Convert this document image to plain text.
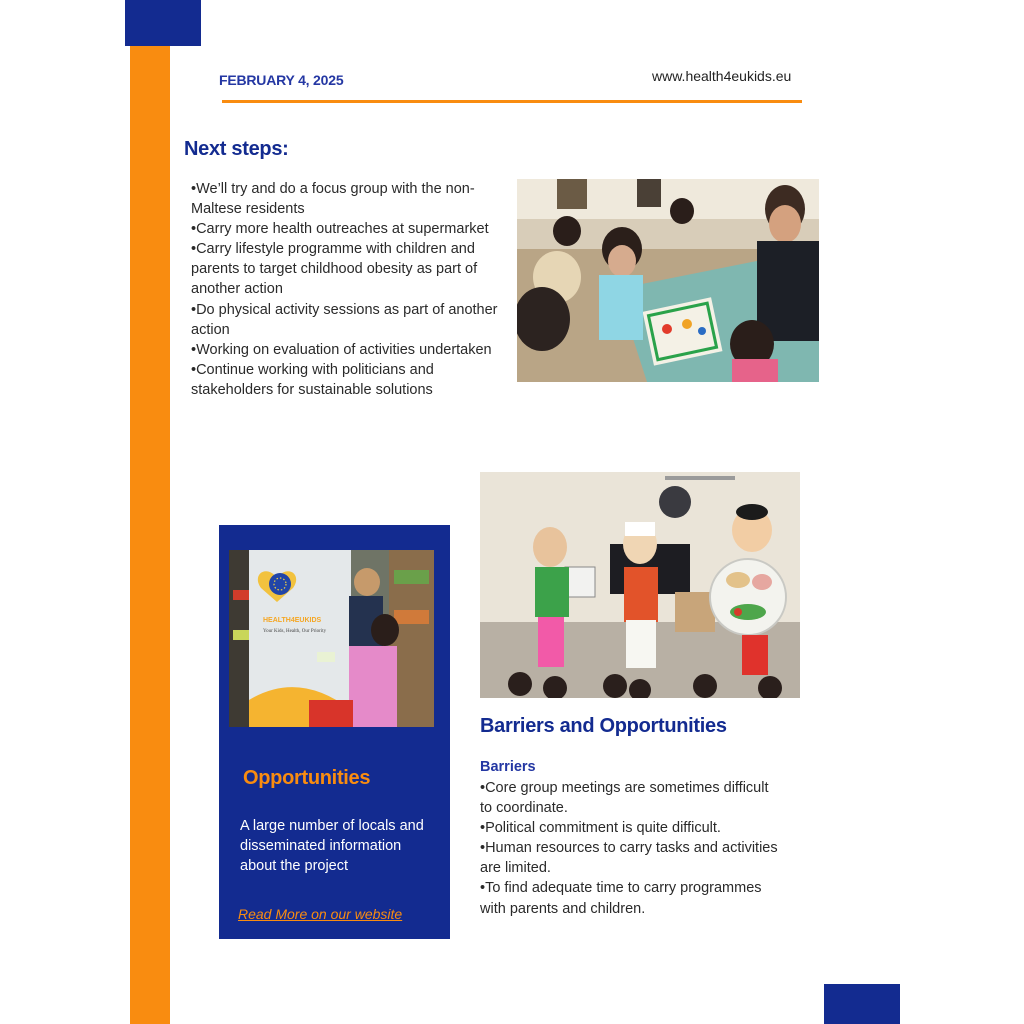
FEBRUARY 4, 2025	www.health4eukids.eu
Next steps:
•We’ll try and do a focus group with the non-Maltese residents
•Carry more health outreaches at supermarket
•Carry lifestyle programme with children and parents to target childhood obesity as part of another action
•Do physical activity sessions as part of another action
•Working on evaluation of activities undertaken
•Continue working with politicians and stakeholders for sustainable solutions
HEALTH4EUKIDS
Your Kids, Health, Our Priority
Opportunities
A large number of locals and disseminated information about the project
Read More on our website
Barriers and Opportunities
Barriers
•Core group meetings are sometimes difficult to coordinate.
•Political commitment is quite difficult.
•Human resources to carry tasks and activities are limited.
•To find adequate time to carry programmes with parents and children.
